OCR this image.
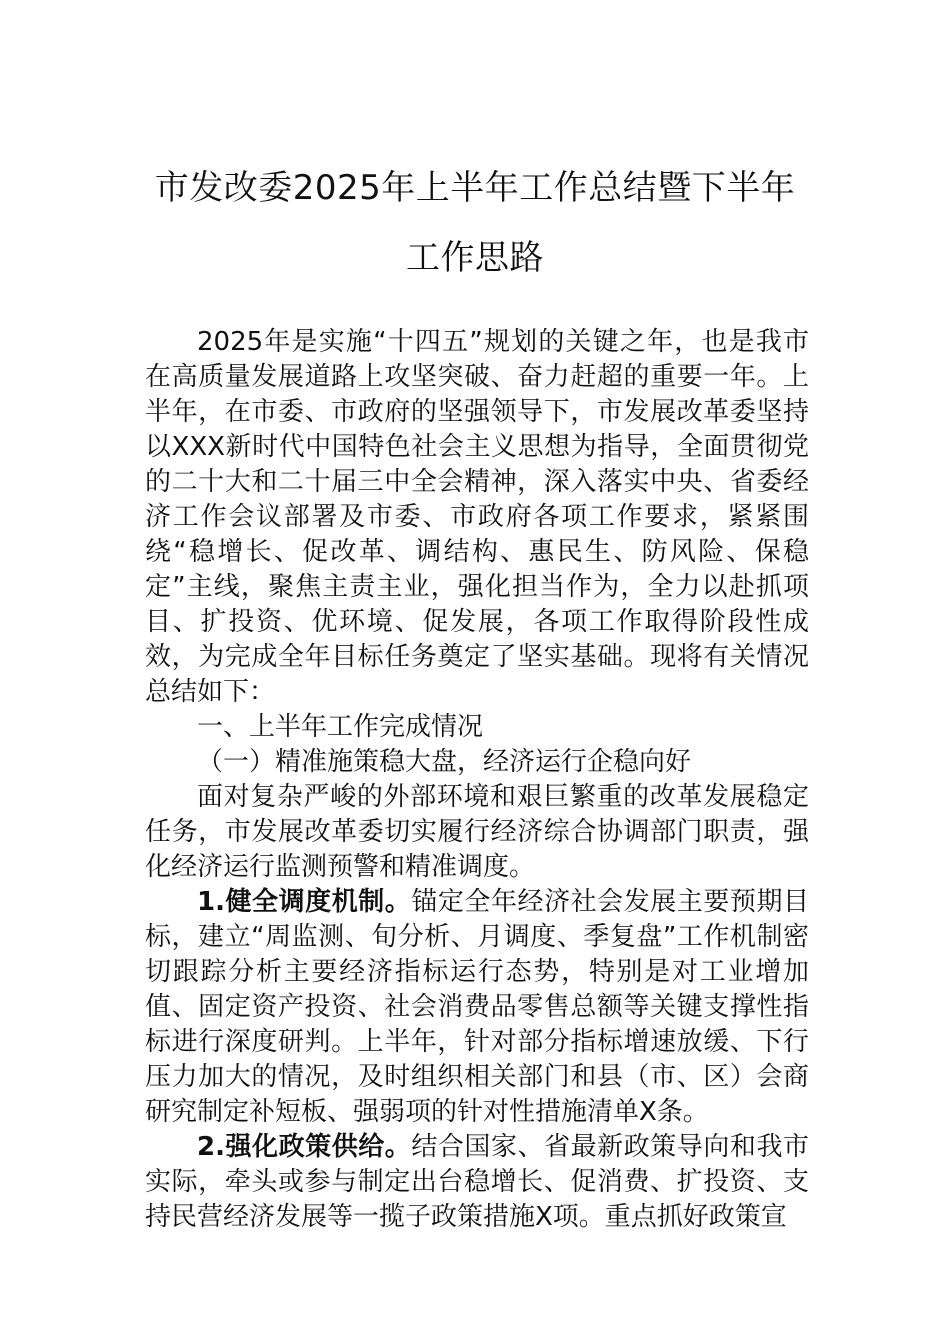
市发改委2025年上半年工作总结暨下半年
工作思路

2025年是实施“十四五”规划的关键之年，也是我市在高质量发展道路上攻坚突破、奋力赶超的重要一年。上半年，在市委、市政府的坚强领导下，市发展改革委坚持以XXX新时代中国特色社会主义思想为指导，全面贯彻党的二十大和二十届三中全会精神，深入落实中央、省委经济工作会议部署及市委、市政府各项工作要求，紧紧围绕“稳增长、促改革、调结构、惠民生、防风险、保稳定”主线，聚焦主责主业，强化担当作为，全力以赴抓项目、扩投资、优环境、促发展，各项工作取得阶段性成效，为完成全年目标任务奠定了坚实基础。现将有关情况总结如下：

一、上半年工作完成情况

（一）精准施策稳大盘，经济运行企稳向好

面对复杂严峻的外部环境和艰巨繁重的改革发展稳定任务，市发展改革委切实履行经济综合协调部门职责，强化经济运行监测预警和精准调度。

1.健全调度机制。锚定全年经济社会发展主要预期目标，建立“周监测、旬分析、月调度、季复盘”工作机制密切跟踪分析主要经济指标运行态势，特别是对工业增加值、固定资产投资、社会消费品零售总额等关键支撑性指标进行深度研判。上半年，针对部分指标增速放缓、下行压力加大的情况，及时组织相关部门和县（市、区）会商研究制定补短板、强弱项的针对性措施清单X条。

2.强化政策供给。结合国家、省最新政策导向和我市实际，牵头或参与制定出台稳增长、促消费、扩投资、支持民营经济发展等一揽子政策措施X项。重点抓好政策宣
